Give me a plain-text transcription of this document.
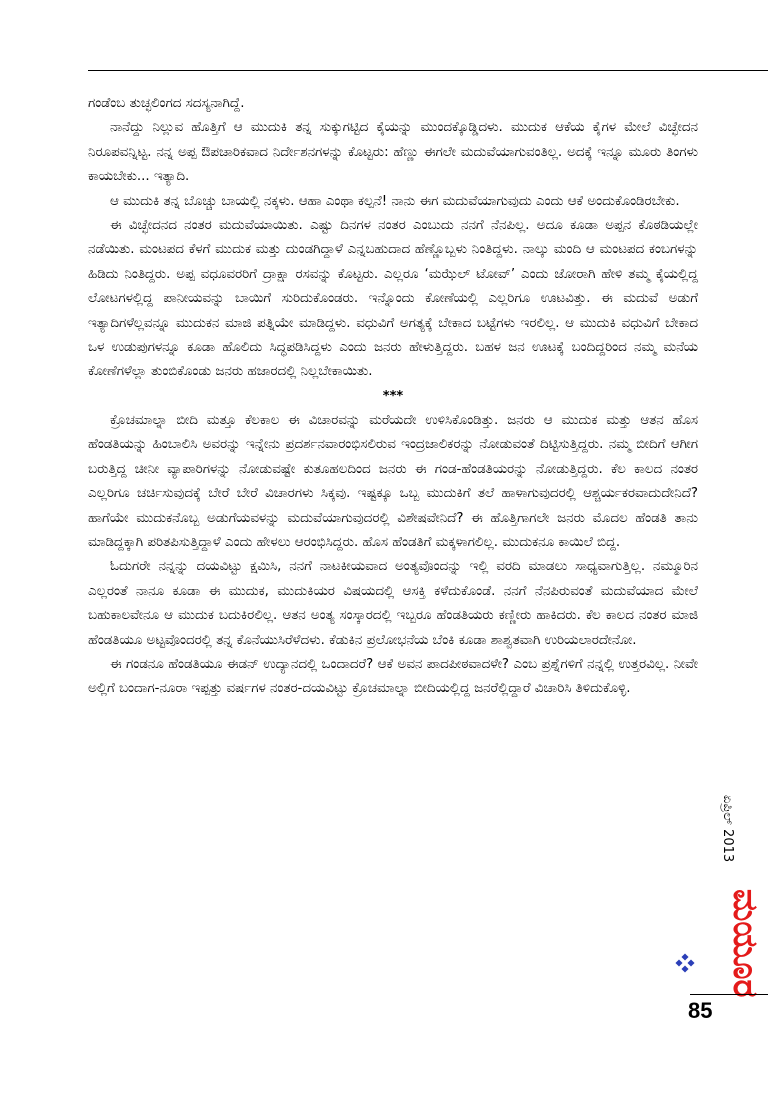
ಗಂಡೆಂಬ ತುಚ್ಛಲಿಂಗದ ಸದಸ್ಯನಾಗಿದ್ದೆ.

ನಾನೆದ್ದು ನಿಲ್ಲುವ ಹೊತ್ತಿಗೆ ಆ ಮುದುಕಿ ತನ್ನ ಸುಕ್ಕುಗಟ್ಟಿದ ಕೈಯನ್ನು ಮುಂದಕ್ಕೊಡ್ಡಿದಳು. ಮುದುಕ ಆಕೆಯ ಕೈಗಳ ಮೇಲೆ ವಿಚ್ಛೇದನ ನಿರೂಪವನ್ನಿಟ್ಟ. ನನ್ನ ಅಪ್ಪ ಔಪಚಾರಿಕವಾದ ನಿರ್ದೇಶನಗಳನ್ನು ಕೊಟ್ಟರು: ಹೆಣ್ಣು ಈಗಲೇ ಮದುವೆಯಾಗುವಂತಿಲ್ಲ. ಅದಕ್ಕೆ ಇನ್ನೂ ಮೂರು ತಿಂಗಳು ಕಾಯಬೇಕು... ಇತ್ಯಾದಿ.

ಆ ಮುದುಕಿ ತನ್ನ ಬೊಚ್ಚು ಬಾಯಲ್ಲಿ ನಕ್ಕಳು. ಆಹಾ ಎಂಥಾ ಕಲ್ಪನೆ! ನಾನು ಈಗ ಮದುವೆಯಾಗುವುದು ಎಂದು ಆಕೆ ಅಂದುಕೊಂಡಿರಬೇಕು.

ಈ ವಿಚ್ಛೇದನದ ನಂತರ ಮದುವೆಯಾಯಿತು. ಎಷ್ಟು ದಿನಗಳ ನಂತರ ಎಂಬುದು ನನಗೆ ನೆನಪಿಲ್ಲ. ಅದೂ ಕೂಡಾ ಅಪ್ಪನ ಕೊಠಡಿಯಲ್ಲೇ ನಡೆಯಿತು. ಮಂಟಪದ ಕೆಳಗೆ ಮುದುಕ ಮತ್ತು ದುಂಡಗಿದ್ದಾಳೆ ಎನ್ನಬಹುದಾದ ಹೆಣ್ಣೊಬ್ಬಳು ನಿಂತಿದ್ದಳು. ನಾಲ್ಕು ಮಂದಿ ಆ ಮಂಟಪದ ಕಂಬಗಳನ್ನು ಹಿಡಿದು ನಿಂತಿದ್ದರು. ಅಪ್ಪ ವಧೂವರರಿಗೆ ದ್ರಾಕ್ಷಾ ರಸವನ್ನು ಕೊಟ್ಟರು. ಎಲ್ಲರೂ ‘ಮಝೆಲ್ ಟೋವ್’ ಎಂದು ಜೋರಾಗಿ ಹೇಳಿ ತಮ್ಮ ಕೈಯಲ್ಲಿದ್ದ ಲೋಟಗಳಲ್ಲಿದ್ದ ಪಾನೀಯವನ್ನು ಬಾಯಿಗೆ ಸುರಿದುಕೊಂಡರು. ಇನ್ನೊಂದು ಕೋಣೆಯಲ್ಲಿ ಎಲ್ಲರಿಗೂ ಊಟವಿತ್ತು. ಈ ಮದುವೆ ಅಡುಗೆ ಇತ್ಯಾದಿಗಳೆಲ್ಲವನ್ನೂ ಮುದುಕನ ಮಾಜಿ ಪತ್ನಿಯೇ ಮಾಡಿದ್ದಳು. ವಧುವಿಗೆ ಅಗತ್ಯಕ್ಕೆ ಬೇಕಾದ ಬಟ್ಟೆಗಳು ಇರಲಿಲ್ಲ. ಆ ಮುದುಕಿ ವಧುವಿಗೆ ಬೇಕಾದ ಒಳ ಉಡುಪುಗಳನ್ನೂ ಕೂಡಾ ಹೊಲಿದು ಸಿದ್ಧಪಡಿಸಿದ್ದಳು ಎಂದು ಜನರು ಹೇಳುತ್ತಿದ್ದರು. ಬಹಳ ಜನ ಊಟಕ್ಕೆ ಬಂದಿದ್ದರಿಂದ ನಮ್ಮ ಮನೆಯ ಕೋಣೆಗಳೆಲ್ಲಾ ತುಂಬಿಕೊಂಡು ಜನರು ಹಜಾರದಲ್ಲಿ ನಿಲ್ಲಬೇಕಾಯಿತು.

***

ಕ್ರೊಚಮಾಲ್ನಾ ಬೀದಿ ಮತ್ತೂ ಕೆಲಕಾಲ ಈ ವಿಚಾರವನ್ನು ಮರೆಯದೇ ಉಳಿಸಿಕೊಂಡಿತ್ತು. ಜನರು ಆ ಮುದುಕ ಮತ್ತು ಆತನ ಹೊಸ ಹೆಂಡತಿಯನ್ನು ಹಿಂಬಾಲಿಸಿ ಅವರನ್ನು ಇನ್ನೇನು ಪ್ರದರ್ಶನವಾರಂಭಿಸಲಿರುವ ಇಂದ್ರಜಾಲಿಕರನ್ನು ನೋಡುವಂತೆ ದಿಟ್ಟಿಸುತ್ತಿದ್ದರು. ನಮ್ಮ ಬೀದಿಗೆ ಆಗೀಗ ಬರುತ್ತಿದ್ದ ಚೀನೀ ವ್ಯಾಪಾರಿಗಳನ್ನು ನೋಡುವಷ್ಟೇ ಕುತೂಹಲದಿಂದ ಜನರು ಈ ಗಂಡ-ಹೆಂಡತಿಯರನ್ನು ನೋಡುತ್ತಿದ್ದರು. ಕೆಲ ಕಾಲದ ನಂತರ ಎಲ್ಲರಿಗೂ ಚರ್ಚಿಸುವುದಕ್ಕೆ ಬೇರೆ ಬೇರೆ ವಿಚಾರಗಳು ಸಿಕ್ಕವು. ಇಷ್ಟಕ್ಕೂ ಒಬ್ಬ ಮುದುಕಿಗೆ ತಲೆ ಹಾಳಾಗುವುದರಲ್ಲಿ ಆಶ್ಚರ್ಯಕರವಾದುದೇನಿದೆ? ಹಾಗೆಯೇ ಮುದುಕನೊಬ್ಬ ಅಡುಗೆಯವಳನ್ನು ಮದುವೆಯಾಗುವುದರಲ್ಲಿ ವಿಶೇಷವೇನಿದೆ? ಈ ಹೊತ್ತಿಗಾಗಲೇ ಜನರು ಮೊದಲ ಹೆಂಡತಿ ತಾನು ಮಾಡಿದ್ದಕ್ಕಾಗಿ ಪರಿತಪಿಸುತ್ತಿದ್ದಾಳೆ ಎಂದು ಹೇಳಲು ಆರಂಭಿಸಿದ್ದರು. ಹೊಸ ಹೆಂಡತಿಗೆ ಮಕ್ಕಳಾಗಲಿಲ್ಲ. ಮುದುಕನೂ ಕಾಯಿಲೆ ಬಿದ್ದ.

ಓದುಗರೇ ನನ್ನನ್ನು ದಯವಿಟ್ಟು ಕ್ಷಮಿಸಿ, ನನಗೆ ನಾಟಕೀಯವಾದ ಅಂತ್ಯವೊಂದನ್ನು ಇಲ್ಲಿ ವರದಿ ಮಾಡಲು ಸಾಧ್ಯವಾಗುತ್ತಿಲ್ಲ. ನಮ್ಮೂರಿನ ಎಲ್ಲರಂತೆ ನಾನೂ ಕೂಡಾ ಈ ಮುದುಕ, ಮುದುಕಿಯರ ವಿಷಯದಲ್ಲಿ ಆಸಕ್ತಿ ಕಳೆದುಕೊಂಡೆ. ನನಗೆ ನೆನಪಿರುವಂತೆ ಮದುವೆಯಾದ ಮೇಲೆ ಬಹುಕಾಲವೇನೂ ಆ ಮುದುಕ ಬದುಕಿರಲಿಲ್ಲ. ಆತನ ಅಂತ್ಯ ಸಂಸ್ಕಾರದಲ್ಲಿ ಇಬ್ಬರೂ ಹೆಂಡತಿಯರು ಕಣ್ಣೀರು ಹಾಕಿದರು. ಕೆಲ ಕಾಲದ ನಂತರ ಮಾಜಿ ಹೆಂಡತಿಯೂ ಅಟ್ಟವೊಂದರಲ್ಲಿ ತನ್ನ ಕೊನೆಯುಸಿರೆಳೆದಳು. ಕೆಡುಕಿನ ಪ್ರಲೋಭನೆಯ ಬೆಂಕಿ ಕೂಡಾ ಶಾಶ್ವತವಾಗಿ ಉರಿಯಲಾರದೇನೋ.

ಈ ಗಂಡನೂ ಹೆಂಡತಿಯೂ ಈಡನ್ ಉದ್ಯಾನದಲ್ಲಿ ಒಂದಾದರೆ? ಆಕೆ ಅವನ ಪಾದಪೀಠವಾದಳೇ? ಎಂಬ ಪ್ರಶ್ನೆಗಳಿಗೆ ನನ್ನಲ್ಲಿ ಉತ್ತರವಿಲ್ಲ. ನೀವೇ ಅಲ್ಲಿಗೆ ಬಂದಾಗ-ನೂರಾ ಇಪ್ಪತ್ತು ವರ್ಷಗಳ ನಂತರ-ದಯವಿಟ್ಟು ಕ್ರೊಚಮಾಲ್ನಾ ಬೀದಿಯಲ್ಲಿದ್ದ ಜನರೆಲ್ಲಿದ್ದಾರೆ ವಿಚಾರಿಸಿ ತಿಳಿದುಕೊಳ್ಳಿ.

ಏಪ್ರಿಲ್ 2013
ಮಯೂರ
85
